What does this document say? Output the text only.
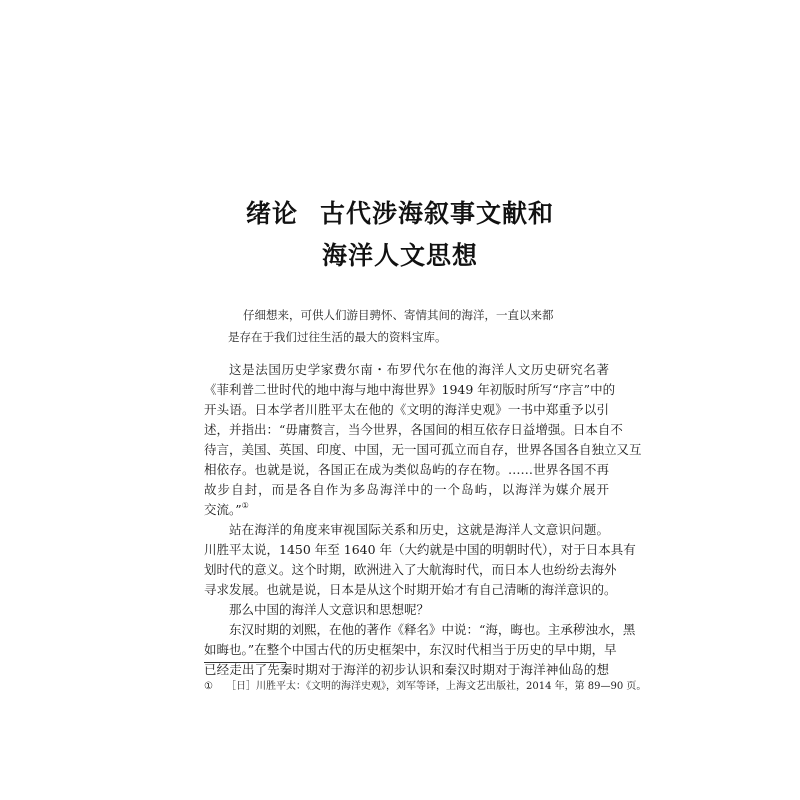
绪论 古代涉海叙事文献和
海洋人文思想
仔细想来，可供人们游目骋怀、寄情其间的海洋，一直以来都
是存在于我们过往生活的最大的资料宝库。
这是法国历史学家费尔南・布罗代尔在他的海洋人文历史研究名著
《菲利普二世时代的地中海与地中海世界》1949 年初版时所写“序言”中的
开头语。日本学者川胜平太在他的《文明的海洋史观》一书中郑重予以引
述，并指出：“毋庸赘言，当今世界，各国间的相互依存日益增强。日本自不
待言，美国、英国、印度、中国，无一国可孤立而自存，世界各国各自独立又互
相依存。也就是说，各国正在成为类似岛屿的存在物。……世界各国不再
故步自封，而是各自作为多岛海洋中的一个岛屿，以海洋为媒介展开
交流。”①
站在海洋的角度来审视国际关系和历史，这就是海洋人文意识问题。
川胜平太说，1450 年至 1640 年（大约就是中国的明朝时代），对于日本具有
划时代的意义。这个时期，欧洲进入了大航海时代，而日本人也纷纷去海外
寻求发展。也就是说，日本是从这个时期开始才有自己清晰的海洋意识的。
那么中国的海洋人文意识和思想呢？
东汉时期的刘熙，在他的著作《释名》中说：“海，晦也。主承秽浊水，黑
如晦也。”在整个中国古代的历史框架中，东汉时代相当于历史的早中期，早
已经走出了先秦时期对于海洋的初步认识和秦汉时期对于海洋神仙岛的想
① ［日］川胜平太：《文明的海洋史观》，刘军等译，上海文艺出版社，2014 年，第 89—90 页。
